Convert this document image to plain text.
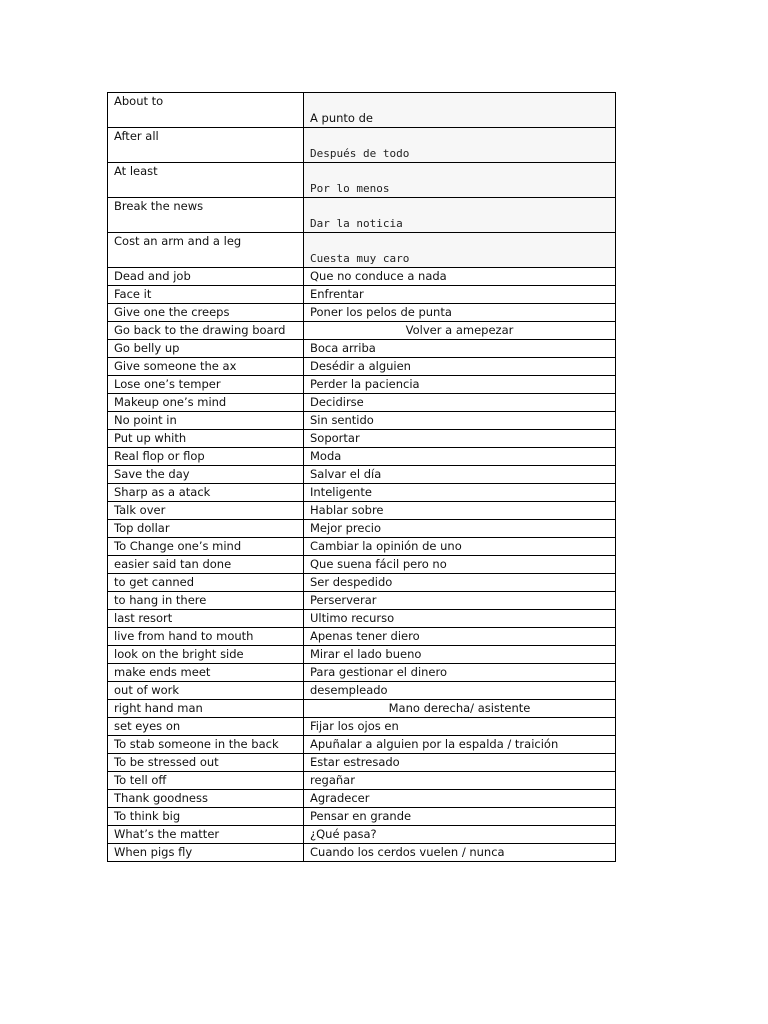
About to	A punto de
After all	Después de todo
At least	Por lo menos
Break the news	Dar la noticia
Cost an arm and a leg	Cuesta muy caro
Dead and job	Que no conduce a nada
Face it	Enfrentar
Give one the creeps	Poner los pelos de punta
Go back to the drawing board	Volver a amepezar
Go belly up	Boca arriba
Give someone the ax	Desédir a alguien
Lose one’s temper	Perder la paciencia
Makeup one’s mind	Decidirse
No point in	Sin sentido
Put up whith	Soportar
Real flop or flop	Moda
Save the day	Salvar el día
Sharp as a atack	Inteligente
Talk over	Hablar sobre
Top dollar	Mejor precio
To Change one’s mind	Cambiar la opinión de uno
easier said tan done	Que suena fácil pero no
to get canned	Ser despedido
to hang in there	Perserverar
last resort	Ultimo recurso
live from hand to mouth	Apenas tener diero
look on the bright side	Mirar el lado bueno
make ends meet	Para gestionar el dinero
out of work	desempleado
right hand man	Mano derecha/ asistente
set eyes on	Fijar los ojos en
To stab someone in the back	Apuñalar a alguien por la espalda / traición
To be stressed out	Estar estresado
To tell off	regañar
Thank goodness	Agradecer
To think big	Pensar en grande
What’s the matter	¿Qué pasa?
When pigs fly	Cuando los cerdos vuelen / nunca
